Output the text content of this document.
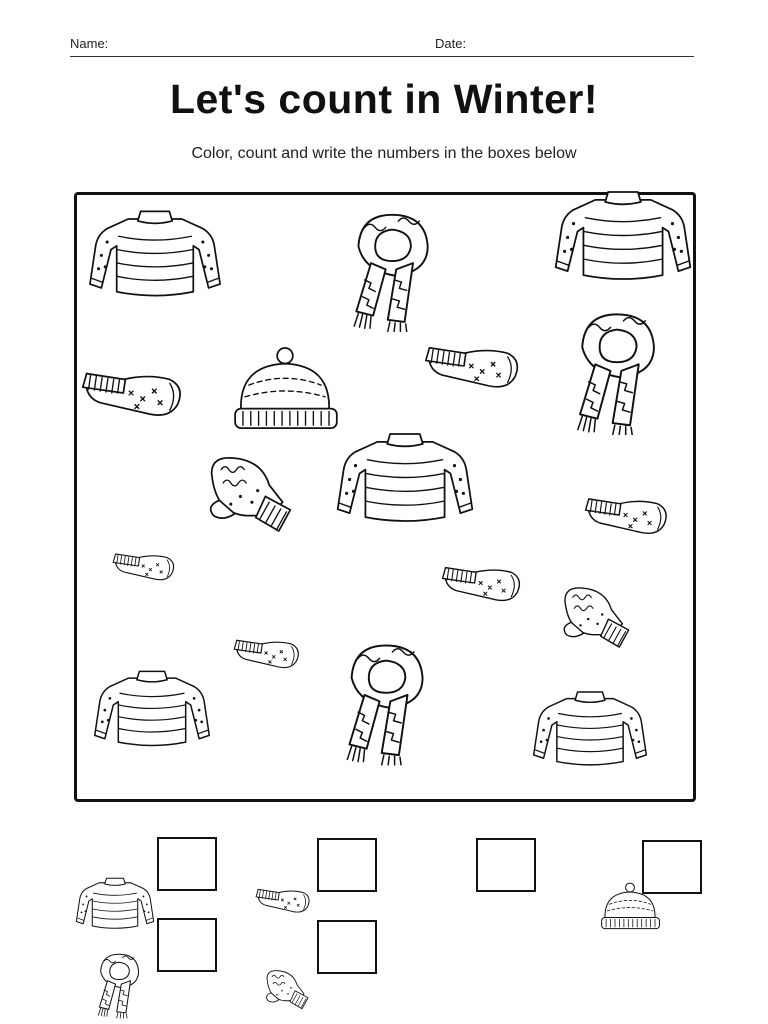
Name:	Date:
Let's count in Winter!
Color, count and write the numbers in the boxes below
